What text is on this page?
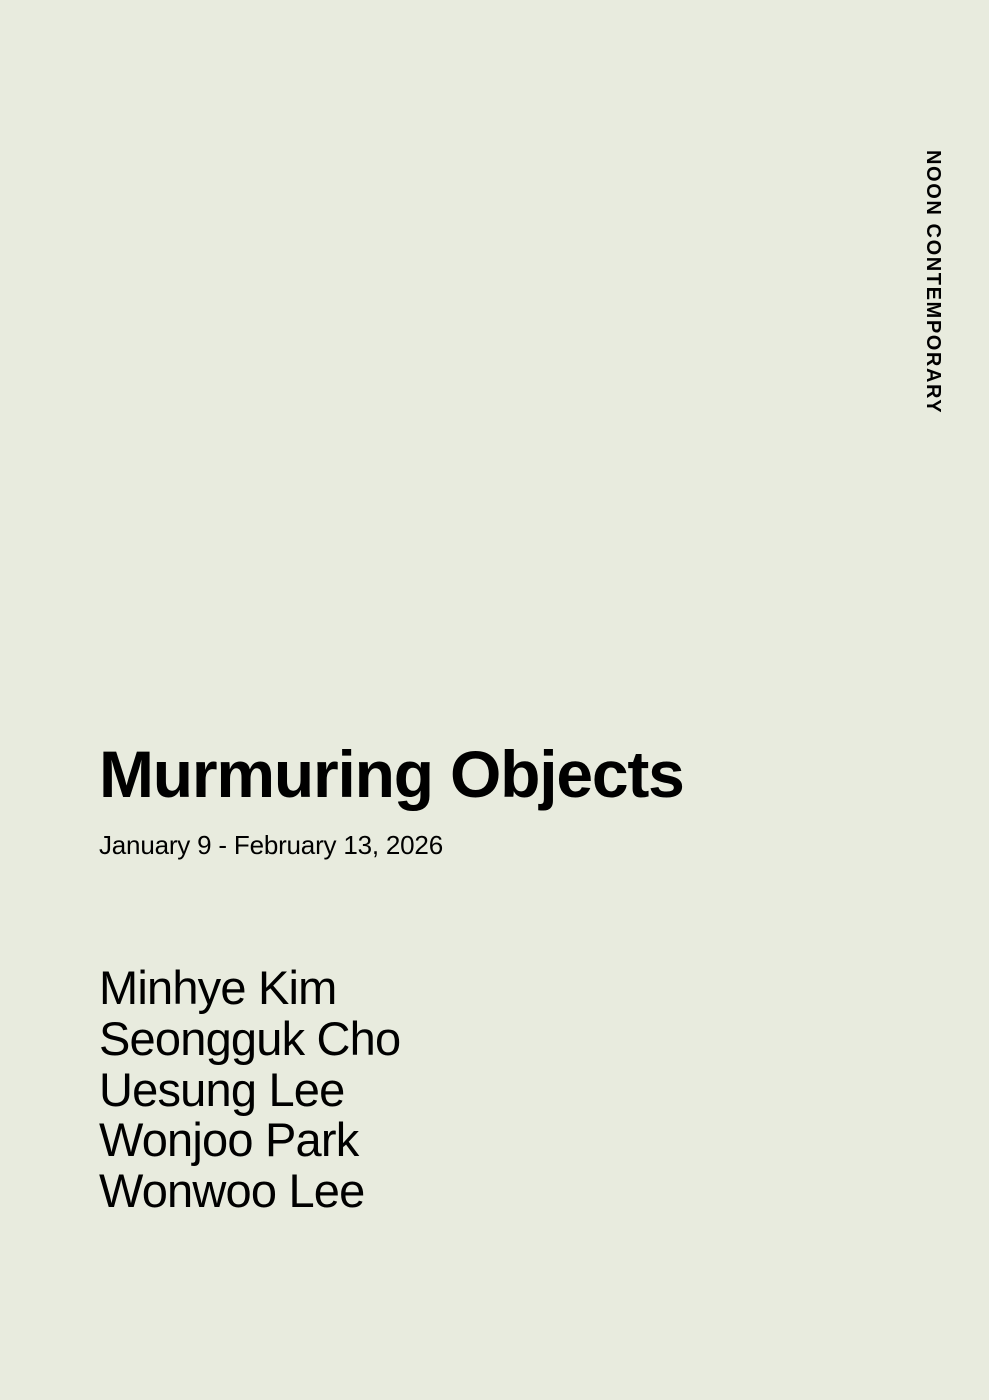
NOON CONTEMPORARY
Murmuring Objects

January 9 - February 13, 2026

Minhye Kim
Seongguk Cho
Uesung Lee
Wonjoo Park
Wonwoo Lee
